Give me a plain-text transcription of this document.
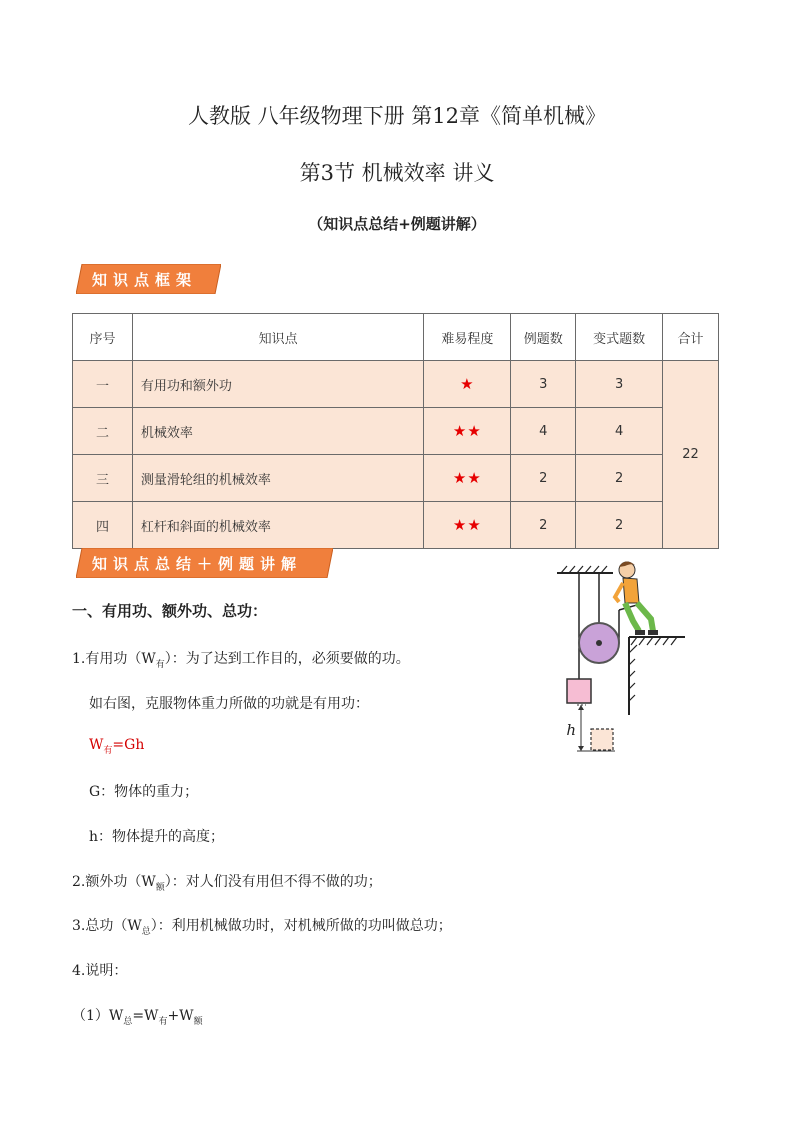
人教版 八年级物理下册 第12章《简单机械》
第3节 机械效率 讲义
（知识点总结+例题讲解）
知识点框架
序号	知识点	难易程度	例题数	变式题数	合计
一	有用功和额外功	★	3	3	22
二	机械效率	★★	4	4	
三	测量滑轮组的机械效率	★★	2	2	
四	杠杆和斜面的机械效率	★★	2	2	
知识点总结＋例题讲解
一、有用功、额外功、总功：
1.有用功$(W_有)$：为了达到工作目的，必须要做的功。
如右图，克服物体重力所做的功就是有用功：
$W_有=Gh$
G：物体的重力；
h：物体提升的高度；
2.额外功$(W_额)$：对人们没有用但不得不做的功；
3.总功$(W_总)$：利用机械做功时，对机械所做的功叫做总功；
4.说明：
$(1)W_总=W_有+W_额$
h
